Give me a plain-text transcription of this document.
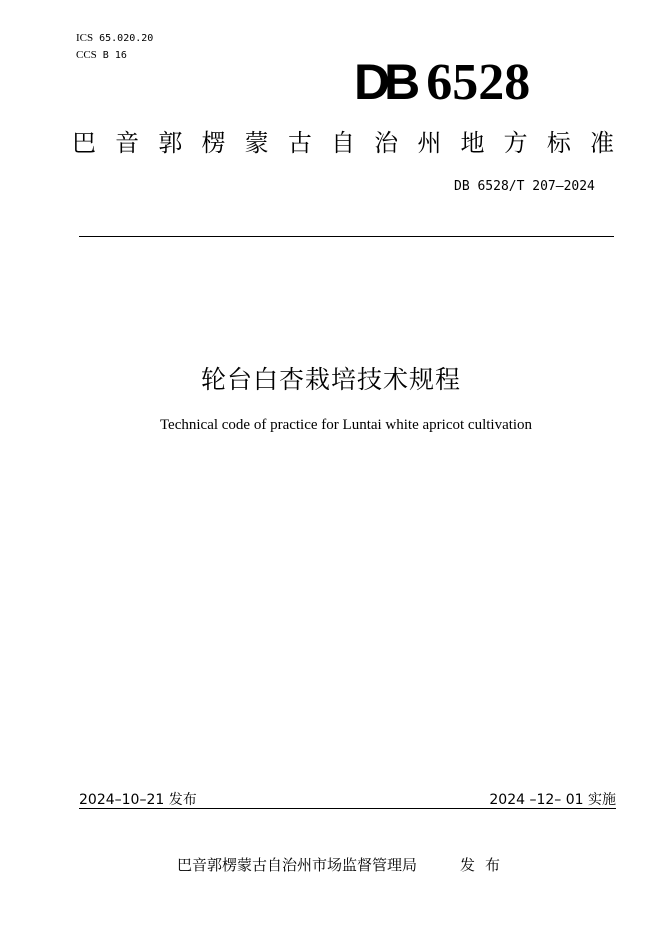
ICS 65.020.20
CCS B 16	DB 6528
巴音郭楞蒙古自治州地方标准
DB 6528/T 207—2024
轮台白杏栽培技术规程
Technical code of practice for Luntai white apricot cultivation
2024–10–21 发布	2024 –12– 01 实施
巴音郭楞蒙古自治州市场监督管理局	发布
